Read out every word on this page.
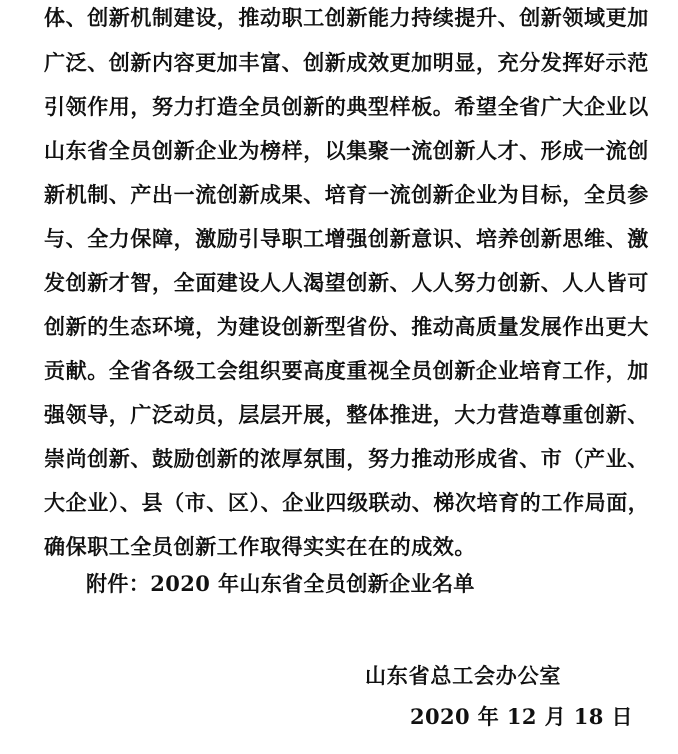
体、创新机制建设，推动职工创新能力持续提升、创新领域更加
广泛、创新内容更加丰富、创新成效更加明显，充分发挥好示范
引领作用，努力打造全员创新的典型样板。希望全省广大企业以
山东省全员创新企业为榜样，以集聚一流创新人才、形成一流创
新机制、产出一流创新成果、培育一流创新企业为目标，全员参
与、全力保障，激励引导职工增强创新意识、培养创新思维、激
发创新才智，全面建设人人渴望创新、人人努力创新、人人皆可
创新的生态环境，为建设创新型省份、推动高质量发展作出更大
贡献。全省各级工会组织要高度重视全员创新企业培育工作，加
强领导，广泛动员，层层开展，整体推进，大力营造尊重创新、
崇尚创新、鼓励创新的浓厚氛围，努力推动形成省、市（产业、
大企业）、县（市、区）、企业四级联动、梯次培育的工作局面，
确保职工全员创新工作取得实实在在的成效。
附件：2020 年山东省全员创新企业名单
山东省总工会办公室
2020 年 12 月 18 日
